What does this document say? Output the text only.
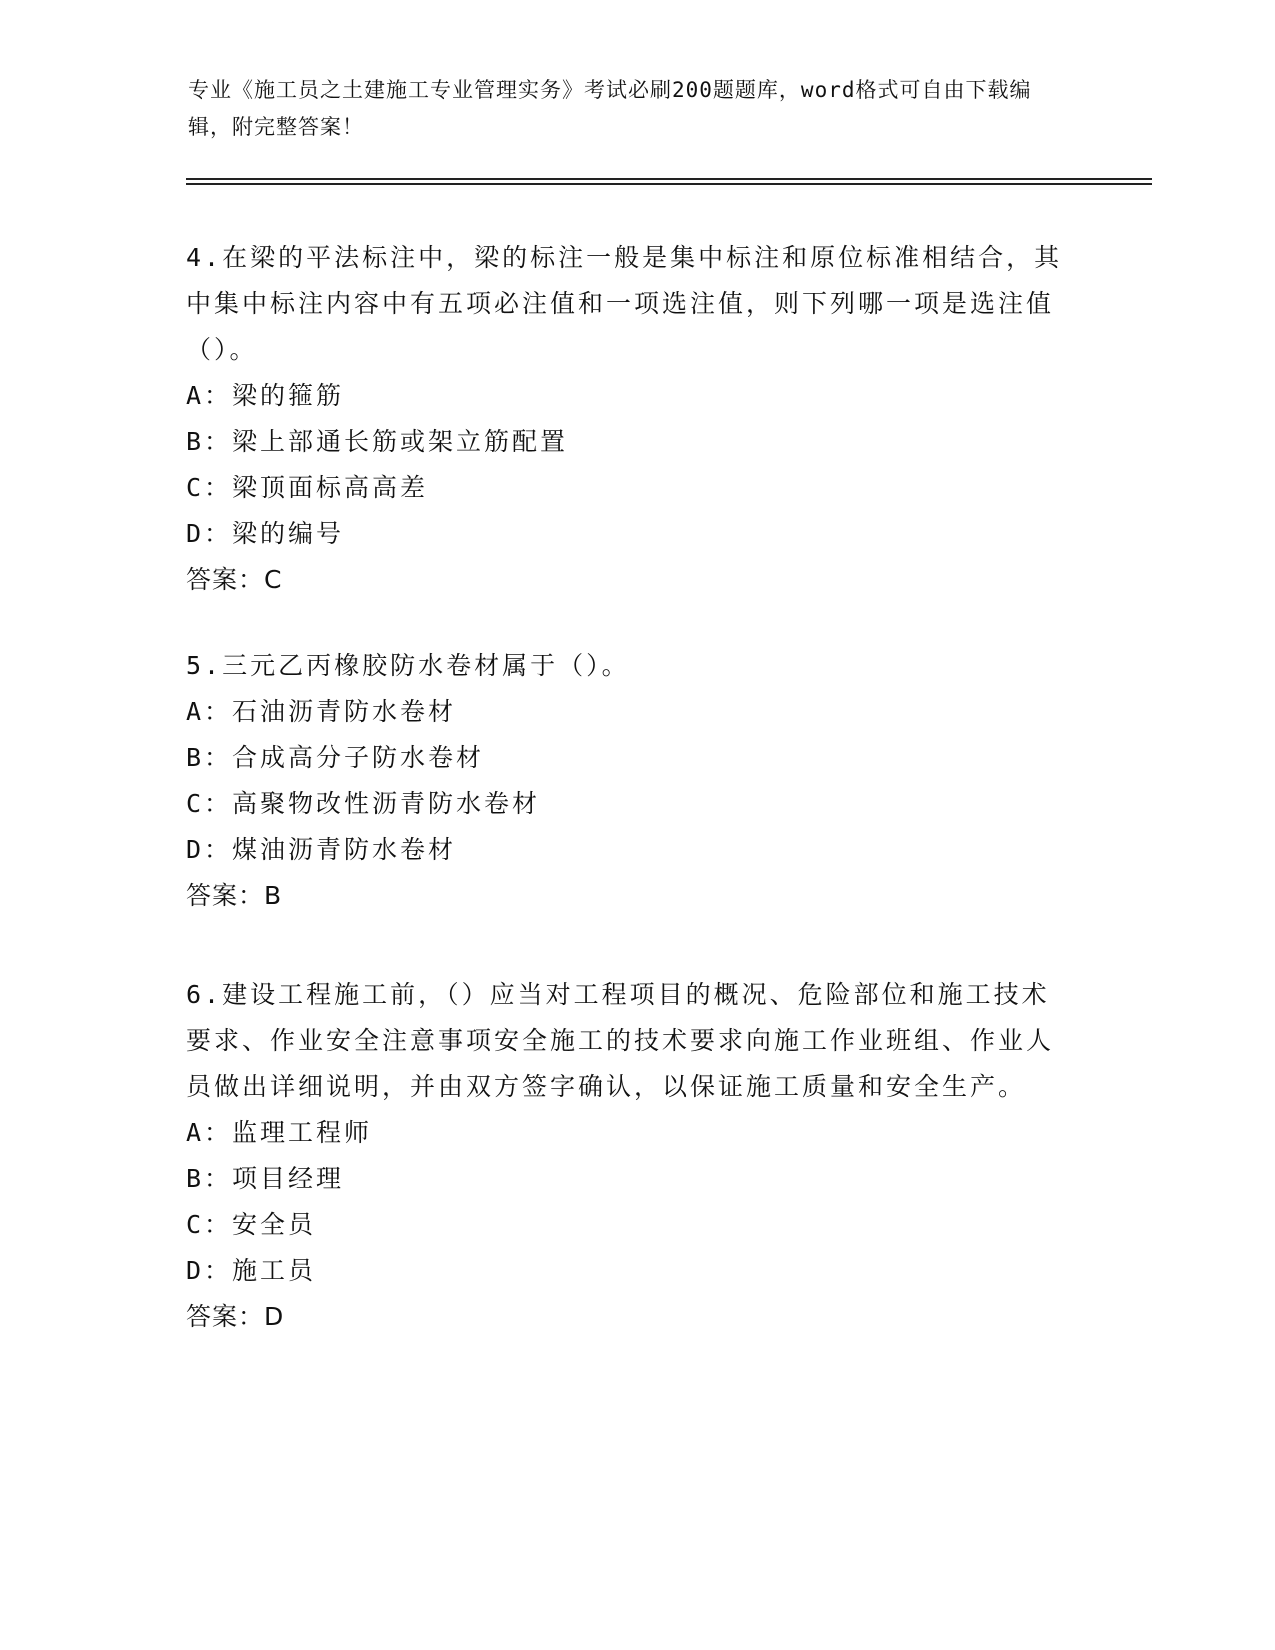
专业《施工员之土建施工专业管理实务》考试必刷200题题库，word格式可自由下载编辑，附完整答案！

4.在梁的平法标注中，梁的标注一般是集中标注和原位标准相结合，其中集中标注内容中有五项必注值和一项选注值，则下列哪一项是选注值（）。

A：梁的箍筋

B：梁上部通长筋或架立筋配置

C：梁顶面标高高差

D：梁的编号

答案：C

5.三元乙丙橡胶防水卷材属于（）。

A：石油沥青防水卷材

B：合成高分子防水卷材

C：高聚物改性沥青防水卷材

D：煤油沥青防水卷材

答案：B

6.建设工程施工前，（）应当对工程项目的概况、危险部位和施工技术要求、作业安全注意事项安全施工的技术要求向施工作业班组、作业人员做出详细说明，并由双方签字确认，以保证施工质量和安全生产。

A：监理工程师

B：项目经理

C：安全员

D：施工员

答案：D
